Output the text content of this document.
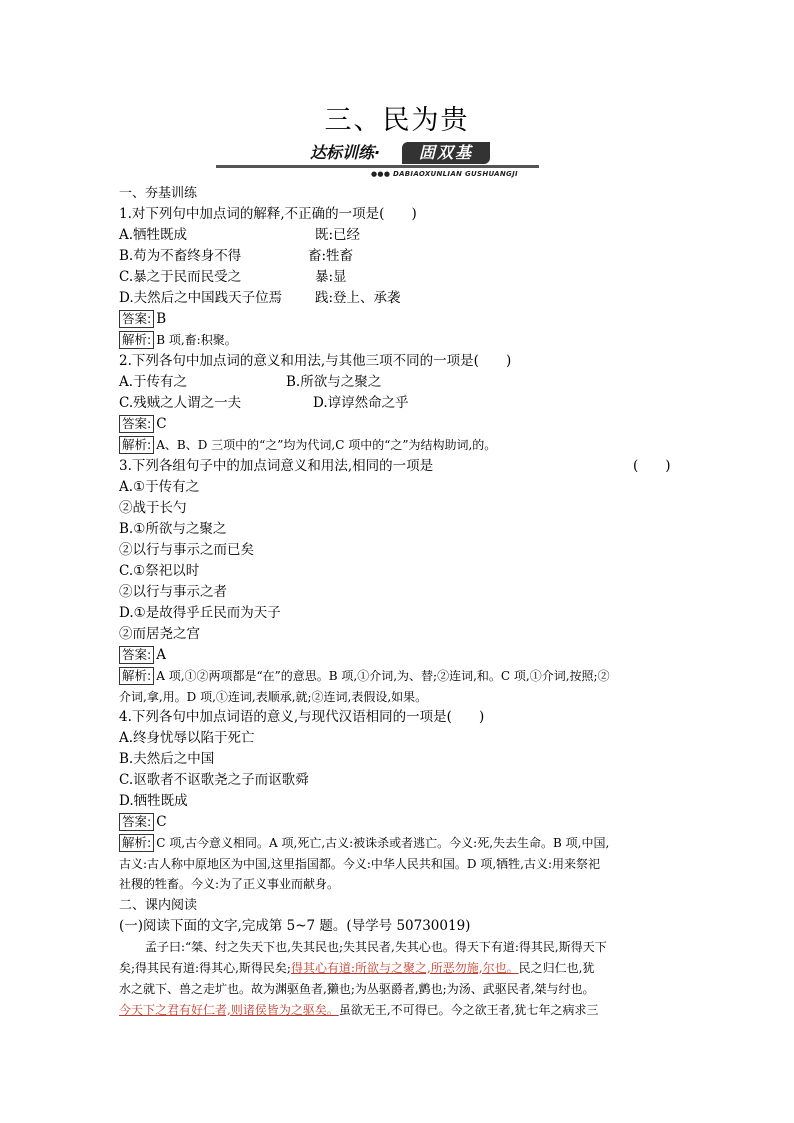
三、民为贵
达标训练·	固双基
●●● DABIAOXUNLIAN GUSHUANGJI
一、夯基训练
1.对下列句中加点词的解释,不正确的一项是(　　)
A.牺牲既成	既:已经
B.苟为不畜终身不得	畜:牲畜
C.暴之于民而民受之	暴:显
D.夫然后之中国践天子位焉 践:登上、承袭
答案: B
解析: B 项,畜:积聚。
2.下列各句中加点词的意义和用法,与其他三项不同的一项是(　　)
A.于传有之	B.所欲与之聚之
C.残贼之人谓之一夫	D.谆谆然命之乎
答案: C
解析: A、B、D 三项中的“之”均为代词,C 项中的“之”为结构助词,的。
3.下列各组句子中的加点词意义和用法,相同的一项是	(　　)
A.①于传有之
②战于长勺
B.①所欲与之聚之
②以行与事示之而已矣
C.①祭祀以时
②以行与事示之者
D.①是故得乎丘民而为天子
②而居尧之宫
答案: A
解析: A 项,①②两项都是“在”的意思。B 项,①介词,为、替;②连词,和。C 项,①介词,按照;②
介词,拿,用。D 项,①连词,表顺承,就;②连词,表假设,如果。
4.下列各句中加点词语的意义,与现代汉语相同的一项是(　　)
A.终身忧辱以陷于死亡
B.夫然后之中国
C.讴歌者不讴歌尧之子而讴歌舜
D.牺牲既成
答案: C
解析: C 项,古今意义相同。A 项,死亡,古义:被诛杀或者逃亡。今义:死,失去生命。B 项,中国,
古义:古人称中原地区为中国,这里指国都。今义:中华人民共和国。D 项,牺牲,古义:用来祭祀
社稷的牲畜。今义:为了正义事业而献身。
二、课内阅读
(一)阅读下面的文字,完成第 5~7 题。(导学号 50730019)
孟子曰:“桀、纣之失天下也,失其民也;失其民者,失其心也。得天下有道:得其民,斯得天下
矣;得其民有道:得其心,斯得民矣;得其心有道:所欲与之聚之,所恶勿施,尔也。民之归仁也,犹
水之就下、兽之走圹也。故为渊驱鱼者,獭也;为丛驱爵者,鹯也;为汤、武驱民者,桀与纣也。
今天下之君有好仁者,则诸侯皆为之驱矣。虽欲无王,不可得已。今之欲王者,犹七年之病求三
